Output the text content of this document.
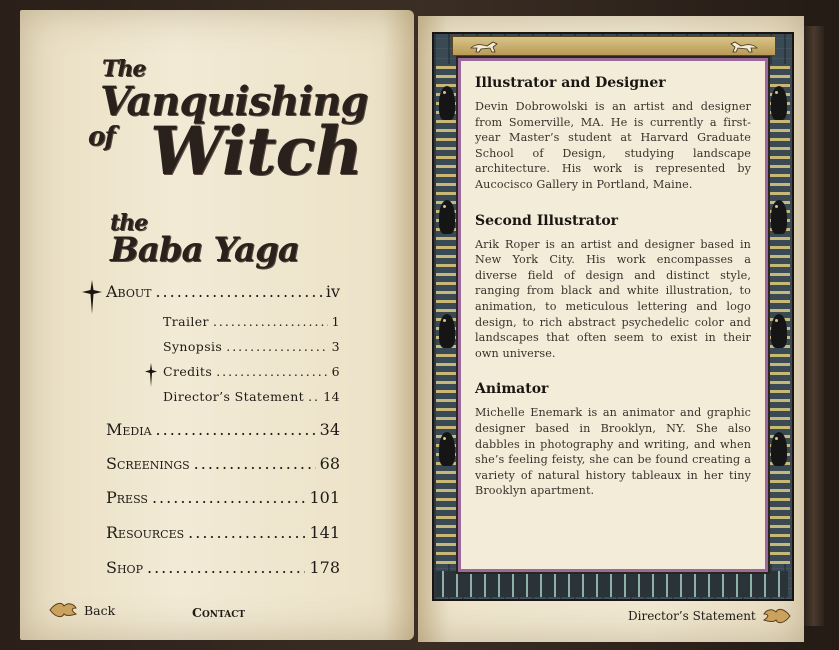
The
Vanquishing
of Witch
the
Baba Yaga
About .....	iv
Trailer .....	1
Synopsis .....	3
Credits .....	6
Director’s Statement ..... 14
Media .....	34
Screenings .....	68
Press .....	101
Resources .....	141
Shop .....	178
Back	Contact
Illustrator and Designer

Devin Dobrowolski is an artist and designer from Somerville, MA. He is currently a first-year Master’s student at Harvard Graduate School of Design, studying landscape architecture. His work is represented by Aucocisco Gallery in Portland, Maine.

Second Illustrator

Arik Roper is an artist and designer based in New York City. His work encompasses a diverse field of design and distinct style, ranging from black and white illustration, to animation, to meticulous lettering and logo design, to rich abstract psychedelic color and landscapes that often seem to exist in their own universe.

Animator

Michelle Enemark is an animator and graphic designer based in Brooklyn, NY. She also dabbles in photography and writing, and when she’s feeling feisty, she can be found creating a variety of natural history tableaux in her tiny Brooklyn apartment.

Director’s Statement
